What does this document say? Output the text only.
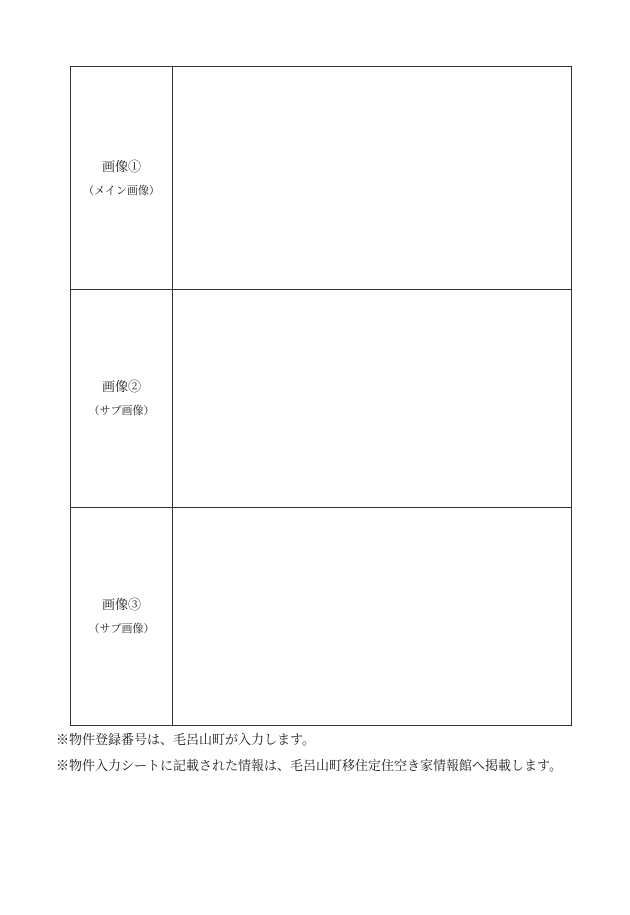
画像①
（メイン画像）	

画像②
（サブ画像）	

画像③
（サブ画像）	

※物件登録番号は、毛呂山町が入力します。

※物件入力シートに記載された情報は、毛呂山町移住定住空き家情報館へ掲載します。
